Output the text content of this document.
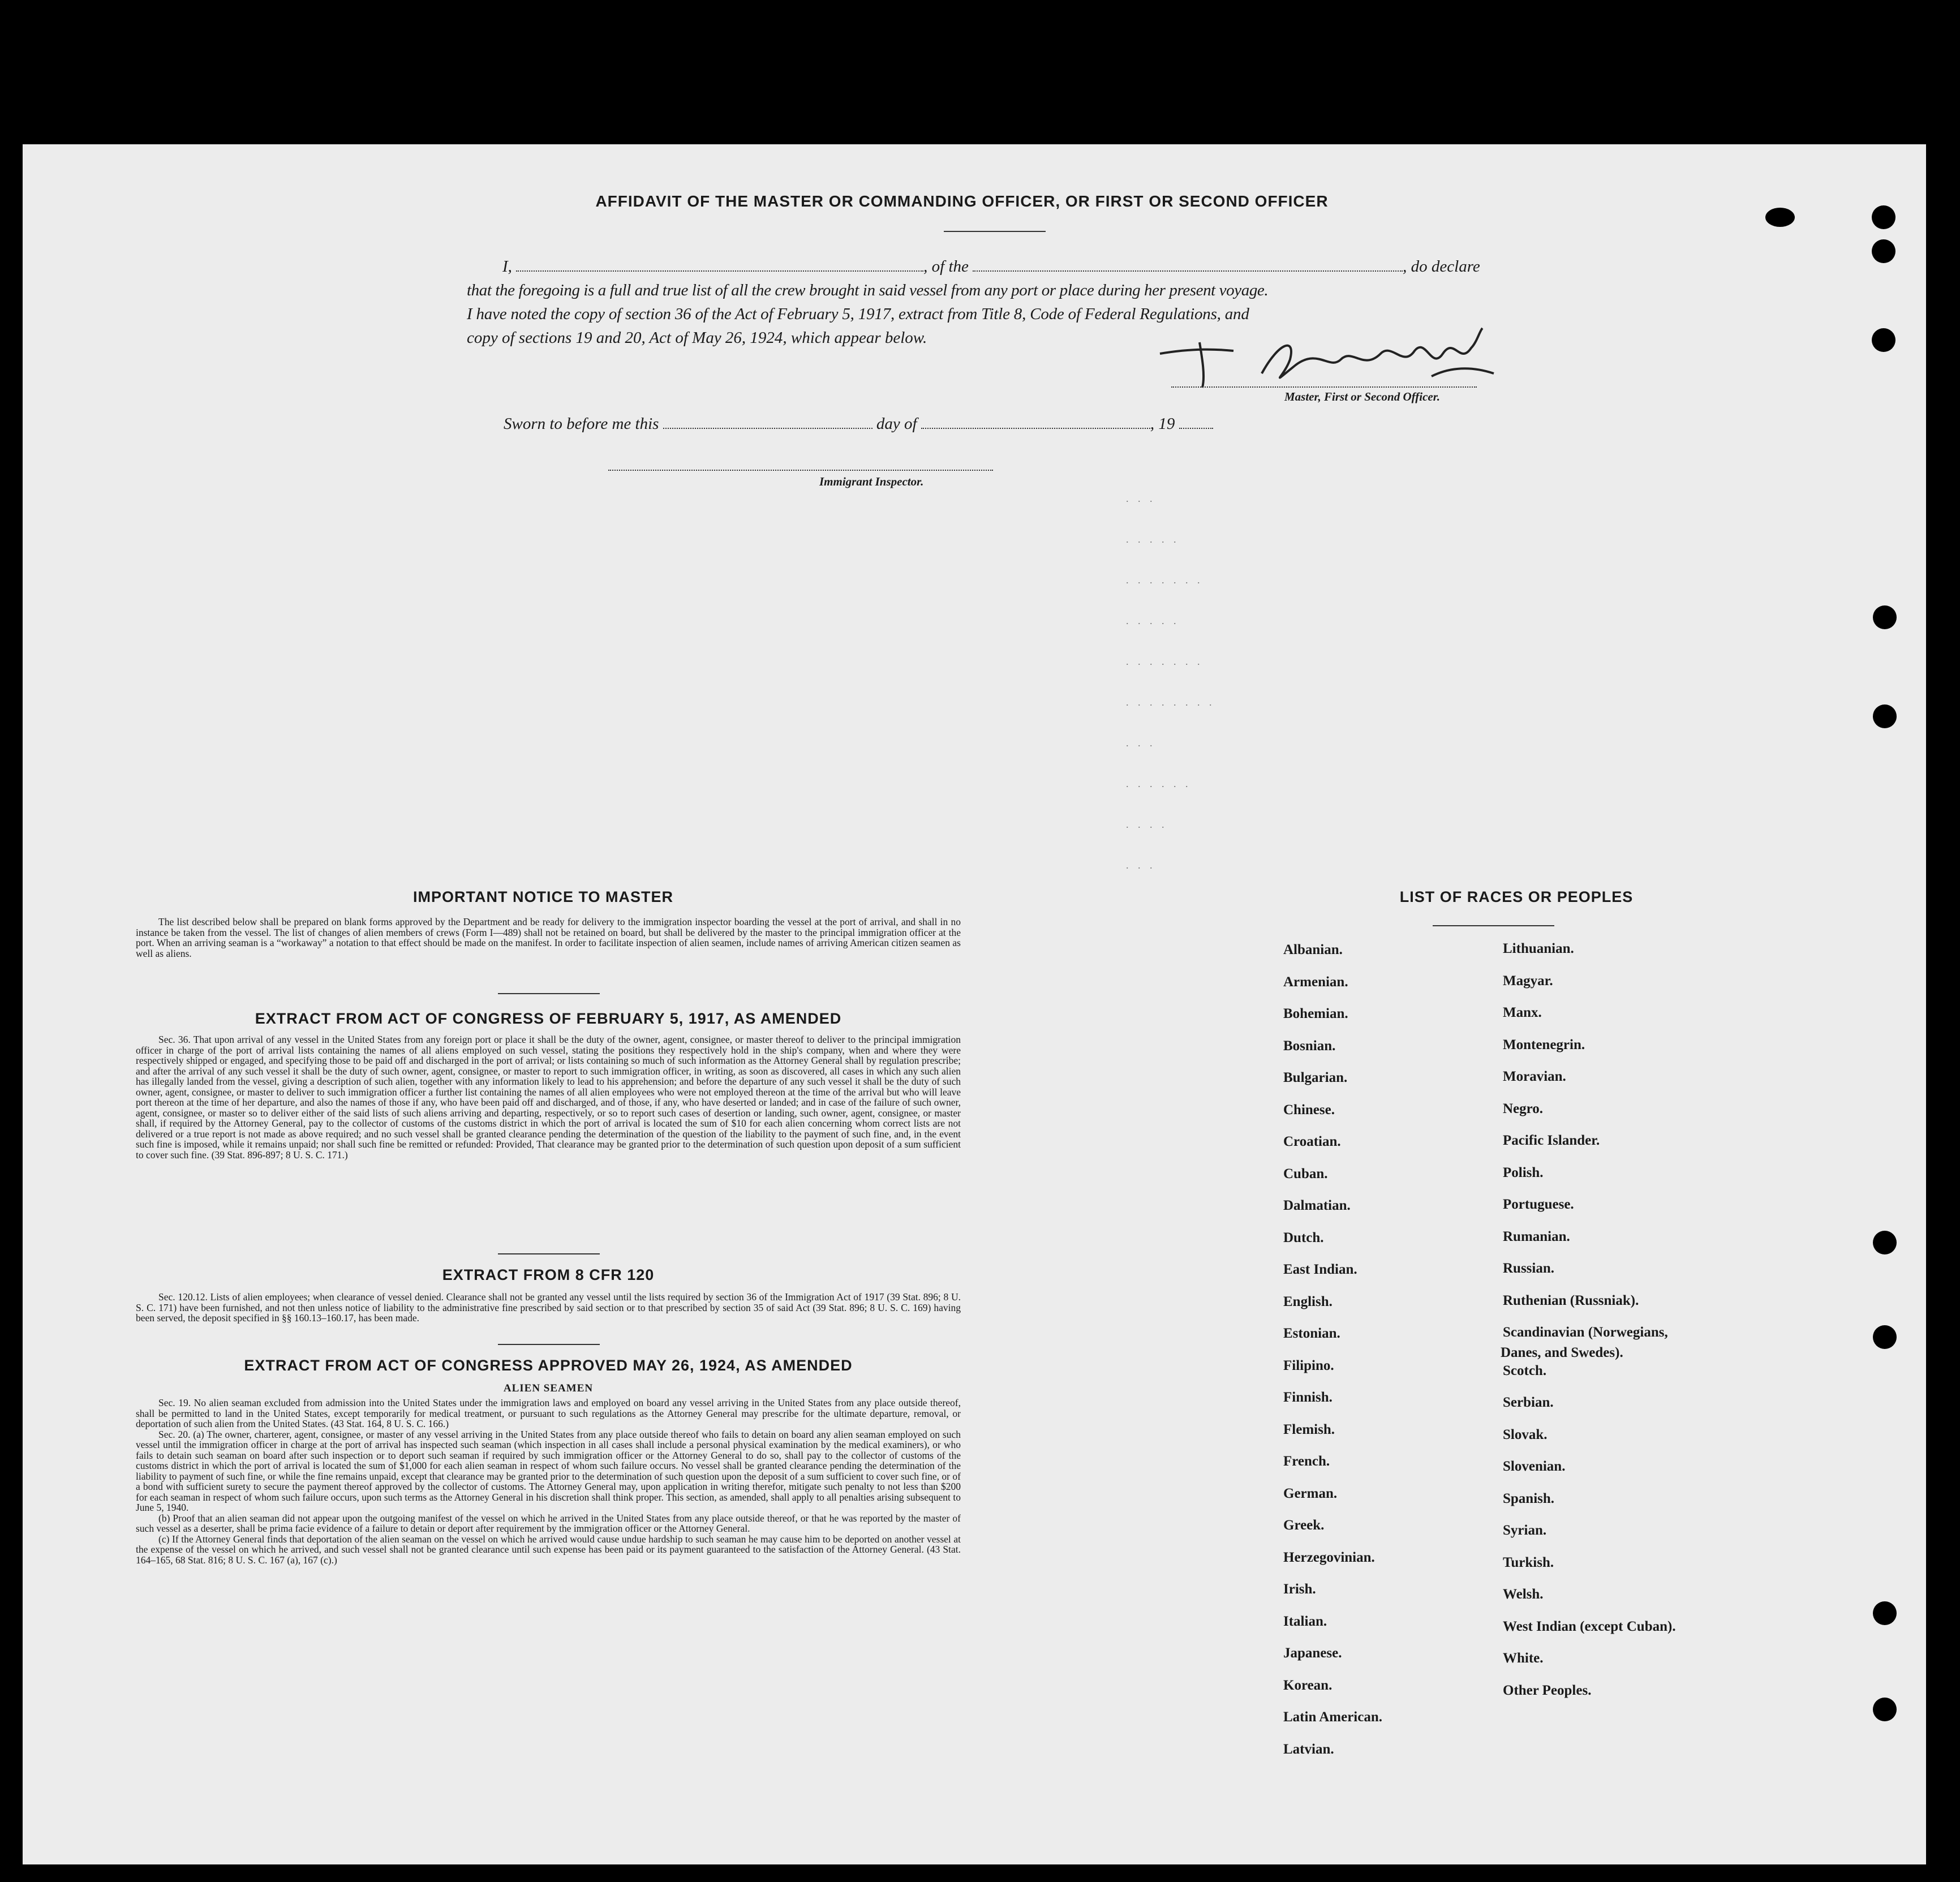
AFFIDAVIT OF THE MASTER OR COMMANDING OFFICER, OR FIRST OR SECOND OFFICER
I,	, of the	, do declare
that the foregoing is a full and true list of all the crew brought in said vessel from any port or place during her present voyage.
I have noted the copy of section 36 of the Act of February 5, 1917, extract from Title 8, Code of Federal Regulations, and
copy of sections 19 and 20, Act of May 26, 1924, which appear below.
Master, First or Second Officer.
Sworn to before me this	day of	, 19
Immigrant Inspector.
. . .
. . . . .
. . . . . . .
. . . . .
. . . . . . .
. . . . . . . .
. . .
. . . . . .
. . . .
. . .
IMPORTANT NOTICE TO MASTER

The list described below shall be prepared on blank forms approved by the Department and be ready for delivery to the immigration inspector boarding the vessel at the port of arrival, and shall in no instance be taken from the vessel. The list of changes of alien members of crews (Form I—489) shall not be retained on board, but shall be delivered by the master to the principal immigration officer at the port. When an arriving seaman is a “workaway” a notation to that effect should be made on the manifest. In order to facilitate inspection of alien seamen, include names of arriving American citizen seamen as well as aliens.

EXTRACT FROM ACT OF CONGRESS OF FEBRUARY 5, 1917, AS AMENDED

Sec. 36. That upon arrival of any vessel in the United States from any foreign port or place it shall be the duty of the owner, agent, consignee, or master thereof to deliver to the principal immigration officer in charge of the port of arrival lists containing the names of all aliens employed on such vessel, stating the positions they respectively hold in the ship's company, when and where they were respectively shipped or engaged, and specifying those to be paid off and discharged in the port of arrival; or lists containing so much of such information as the Attorney General shall by regulation prescribe; and after the arrival of any such vessel it shall be the duty of such owner, agent, consignee, or master to report to such immigration officer, in writing, as soon as discovered, all cases in which any such alien has illegally landed from the vessel, giving a description of such alien, together with any information likely to lead to his apprehension; and before the departure of any such vessel it shall be the duty of such owner, agent, consignee, or master to deliver to such immigration officer a further list containing the names of all alien employees who were not employed thereon at the time of the arrival but who will leave port thereon at the time of her departure, and also the names of those if any, who have been paid off and discharged, and of those, if any, who have deserted or landed; and in case of the failure of such owner, agent, consignee, or master so to deliver either of the said lists of such aliens arriving and departing, respectively, or so to report such cases of desertion or landing, such owner, agent, consignee, or master shall, if required by the Attorney General, pay to the collector of customs of the customs district in which the port of arrival is located the sum of $10 for each alien concerning whom correct lists are not delivered or a true report is not made as above required; and no such vessel shall be granted clearance pending the determination of the question of the liability to the payment of such fine, and, in the event such fine is imposed, while it remains unpaid; nor shall such fine be remitted or refunded: Provided, That clearance may be granted prior to the determination of such question upon deposit of a sum sufficient to cover such fine. (39 Stat. 896-897; 8 U. S. C. 171.)

EXTRACT FROM 8 CFR 120

Sec. 120.12. Lists of alien employees; when clearance of vessel denied. Clearance shall not be granted any vessel until the lists required by section 36 of the Immigration Act of 1917 (39 Stat. 896; 8 U. S. C. 171) have been furnished, and not then unless notice of liability to the administrative fine prescribed by said section or to that prescribed by section 35 of said Act (39 Stat. 896; 8 U. S. C. 169) having been served, the deposit specified in §§ 160.13–160.17, has been made.

EXTRACT FROM ACT OF CONGRESS APPROVED MAY 26, 1924, AS AMENDED
ALIEN SEAMEN

Sec. 19. No alien seaman excluded from admission into the United States under the immigration laws and employed on board any vessel arriving in the United States from any place outside thereof, shall be permitted to land in the United States, except temporarily for medical treatment, or pursuant to such regulations as the Attorney General may prescribe for the ultimate departure, removal, or deportation of such alien from the United States. (43 Stat. 164, 8 U. S. C. 166.)

Sec. 20. (a) The owner, charterer, agent, consignee, or master of any vessel arriving in the United States from any place outside thereof who fails to detain on board any alien seaman employed on such vessel until the immigration officer in charge at the port of arrival has inspected such seaman (which inspection in all cases shall include a personal physical examination by the medical examiners), or who fails to detain such seaman on board after such inspection or to deport such seaman if required by such immigration officer or the Attorney General to do so, shall pay to the collector of customs of the customs district in which the port of arrival is located the sum of $1,000 for each alien seaman in respect of whom such failure occurs. No vessel shall be granted clearance pending the determination of the liability to payment of such fine, or while the fine remains unpaid, except that clearance may be granted prior to the determination of such question upon the deposit of a sum sufficient to cover such fine, or of a bond with sufficient surety to secure the payment thereof approved by the collector of customs. The Attorney General may, upon application in writing therefor, mitigate such penalty to not less than $200 for each seaman in respect of whom such failure occurs, upon such terms as the Attorney General in his discretion shall think proper. This section, as amended, shall apply to all penalties arising subsequent to June 5, 1940.

(b) Proof that an alien seaman did not appear upon the outgoing manifest of the vessel on which he arrived in the United States from any place outside thereof, or that he was reported by the master of such vessel as a deserter, shall be prima facie evidence of a failure to detain or deport after requirement by the immigration officer or the Attorney General.

(c) If the Attorney General finds that deportation of the alien seaman on the vessel on which he arrived would cause undue hardship to such seaman he may cause him to be deported on another vessel at the expense of the vessel on which he arrived, and such vessel shall not be granted clearance until such expense has been paid or its payment guaranteed to the satisfaction of the Attorney General. (43 Stat. 164–165, 68 Stat. 816; 8 U. S. C. 167 (a), 167 (c).)

LIST OF RACES OR PEOPLES
Danes, and Swedes).
Albanian.
Armenian.
Bohemian.
Bosnian.
Bulgarian.
Chinese.
Croatian.
Cuban.
Dalmatian.
Dutch.
East Indian.
English.
Estonian.
Filipino.
Finnish.
Flemish.
French.
German.
Greek.
Herzegovinian.
Irish.
Italian.
Japanese.
Korean.
Latin American.
Latvian.
Lithuanian.
Magyar.
Manx.
Montenegrin.
Moravian.
Negro.
Pacific Islander.
Polish.
Portuguese.
Rumanian.
Russian.
Ruthenian (Russniak).
Scandinavian (Norwegians,
Scotch.
Serbian.
Slovak.
Slovenian.
Spanish.
Syrian.
Turkish.
Welsh.
West Indian (except Cuban).
White.
Other Peoples.
